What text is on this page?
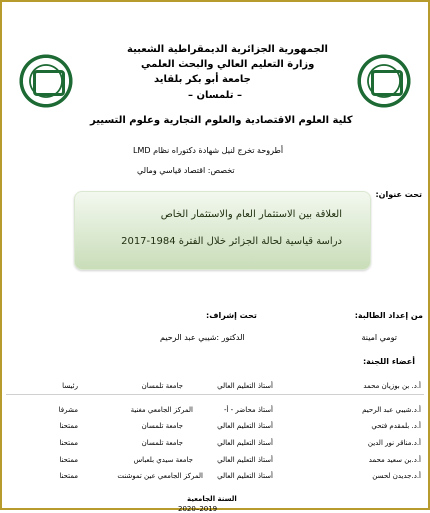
الجمهورية الجزائرية الديمقراطية الشعبية
وزارة التعليم العالي والبحث العلمي
جامعة أبو بكر بلقايد
– تلمسان –
كلية العلوم الاقتصادية والعلوم التجارية وعلوم التسيير
أطروحة تخرج لنيل شهادة دكتوراه نظام LMD
تخصص: اقتصاد قياسي ومالي
تحت عنوان:
العلاقة بين الاستثمار العام والاستثمار الخاص
دراسة قياسية لحالة الجزائر خلال الفترة 1984-2017
من إعداد الطالبة:
تومي امينة
تحت إشراف:
الدكتور :شيبي عبد الرحيم
أعضاء اللجنة:
أ.د. بن بوزيان محمد
أستاذ التعليم العالي
جامعة تلمسان
رئيسا
أ.د.شيبي عبد الرحيم
أستاذ محاضر - أ-
المركز الجامعي مغنية
مشرفا
أ.د. بلمقدم فتحي
أستاذ التعليم العالي
جامعة تلمسان
ممتحنا
أ.د.مناقر نور الدين
أستاذ التعليم العالي
جامعة تلمسان
ممتحنا
أ.د.بن سعيد محمد
أستاذ التعليم العالي
جامعة سيدي بلعباس
ممتحنا
أ.د.جديدن لحسن
أستاذ التعليم العالي
المركز الجامعي عين تموشنت
ممتحنا
السنة الجامعية
2020–2019
